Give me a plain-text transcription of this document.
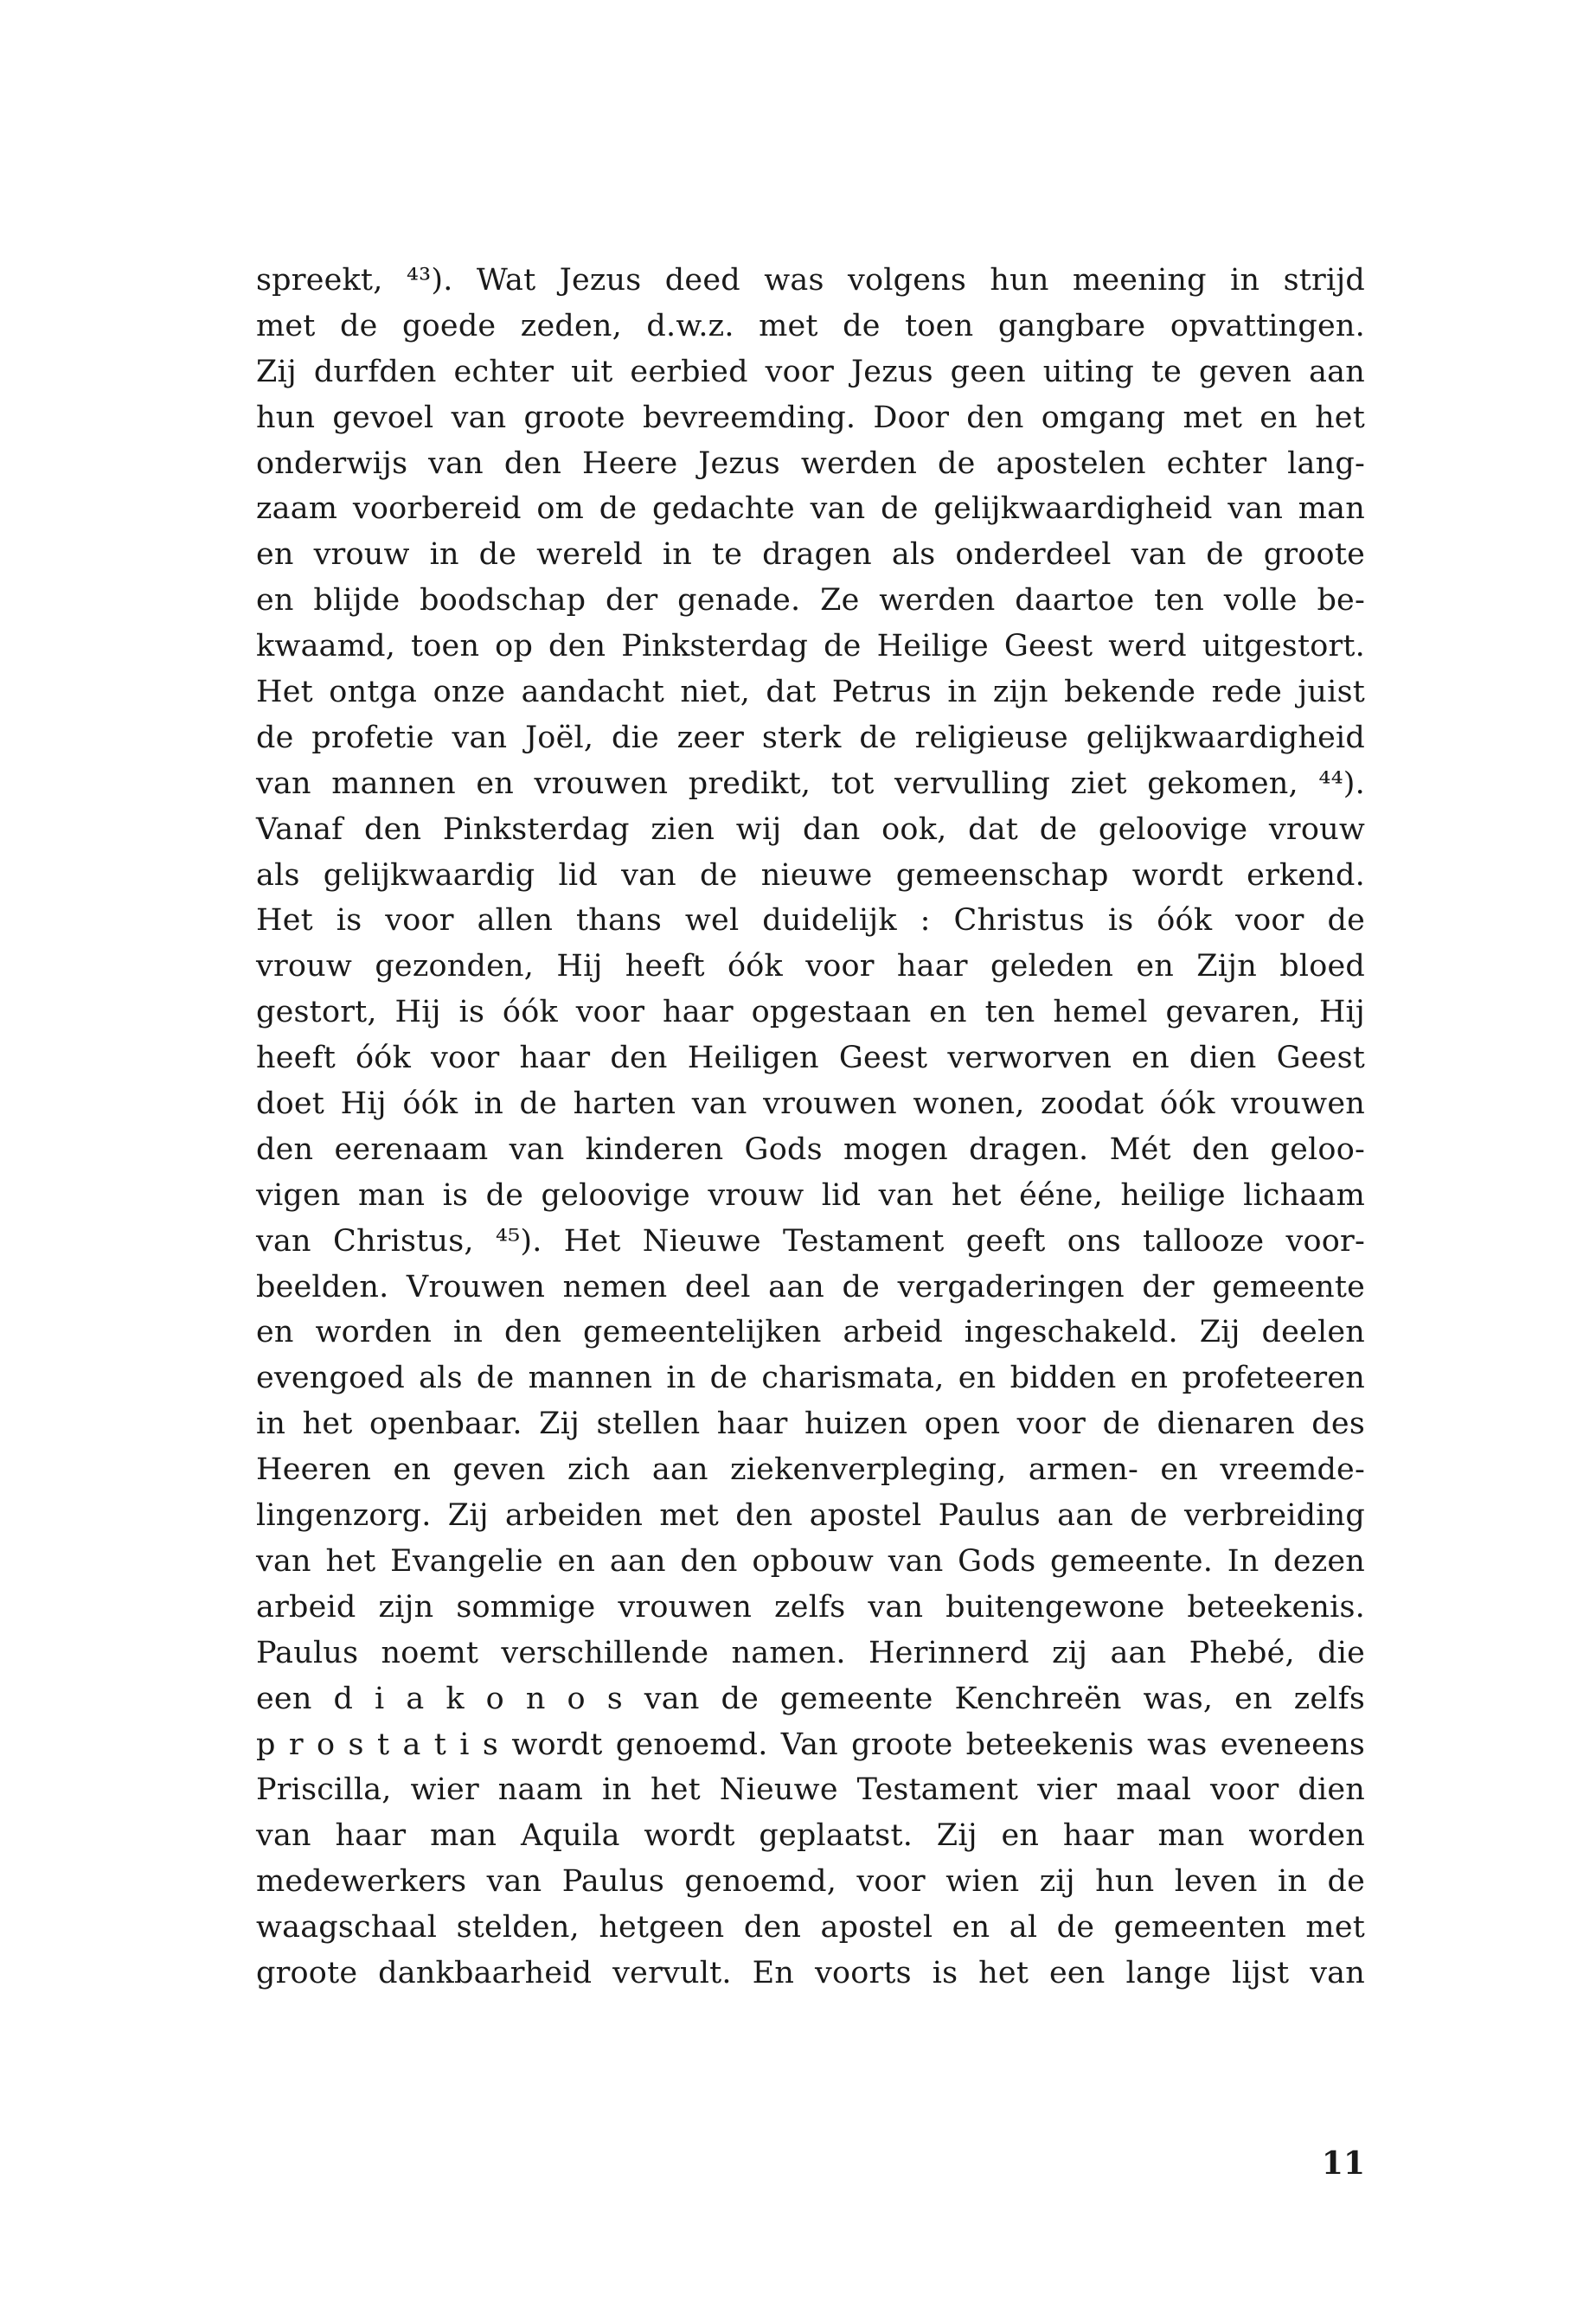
spreekt, ⁴³). Wat Jezus deed was volgens hun meening in strijd
met de goede zeden, d.w.z. met de toen gangbare opvattingen.
Zij durfden echter uit eerbied voor Jezus geen uiting te geven aan
hun gevoel van groote bevreemding. Door den omgang met en het
onderwijs van den Heere Jezus werden de apostelen echter lang-
zaam voorbereid om de gedachte van de gelijkwaardigheid van man
en vrouw in de wereld in te dragen als onderdeel van de groote
en blijde boodschap der genade. Ze werden daartoe ten volle be-
kwaamd, toen op den Pinksterdag de Heilige Geest werd uitgestort.
Het ontga onze aandacht niet, dat Petrus in zijn bekende rede juist
de profetie van Joël, die zeer sterk de religieuse gelijkwaardigheid
van mannen en vrouwen predikt, tot vervulling ziet gekomen, ⁴⁴).
Vanaf den Pinksterdag zien wij dan ook, dat de geloovige vrouw
als gelijkwaardig lid van de nieuwe gemeenschap wordt erkend.
Het is voor allen thans wel duidelijk : Christus is óók voor de
vrouw gezonden, Hij heeft óók voor haar geleden en Zijn bloed
gestort, Hij is óók voor haar opgestaan en ten hemel gevaren, Hij
heeft óók voor haar den Heiligen Geest verworven en dien Geest
doet Hij óók in de harten van vrouwen wonen, zoodat óók vrouwen
den eerenaam van kinderen Gods mogen dragen. Mét den geloo-
vigen man is de geloovige vrouw lid van het ééne, heilige lichaam
van Christus, ⁴⁵). Het Nieuwe Testament geeft ons tallooze voor-
beelden. Vrouwen nemen deel aan de vergaderingen der gemeente
en worden in den gemeentelijken arbeid ingeschakeld. Zij deelen
evengoed als de mannen in de charismata, en bidden en profeteeren
in het openbaar. Zij stellen haar huizen open voor de dienaren des
Heeren en geven zich aan ziekenverpleging, armen- en vreemde-
lingenzorg. Zij arbeiden met den apostel Paulus aan de verbreiding
van het Evangelie en aan den opbouw van Gods gemeente. In dezen
arbeid zijn sommige vrouwen zelfs van buitengewone beteekenis.
Paulus noemt verschillende namen. Herinnerd zij aan Phebé, die
een d i a k o n o s van de gemeente Kenchreën was, en zelfs
p r o s t a t i s wordt genoemd. Van groote beteekenis was eveneens
Priscilla, wier naam in het Nieuwe Testament vier maal voor dien
van haar man Aquila wordt geplaatst. Zij en haar man worden
medewerkers van Paulus genoemd, voor wien zij hun leven in de
waagschaal stelden, hetgeen den apostel en al de gemeenten met
groote dankbaarheid vervult. En voorts is het een lange lijst van
11
